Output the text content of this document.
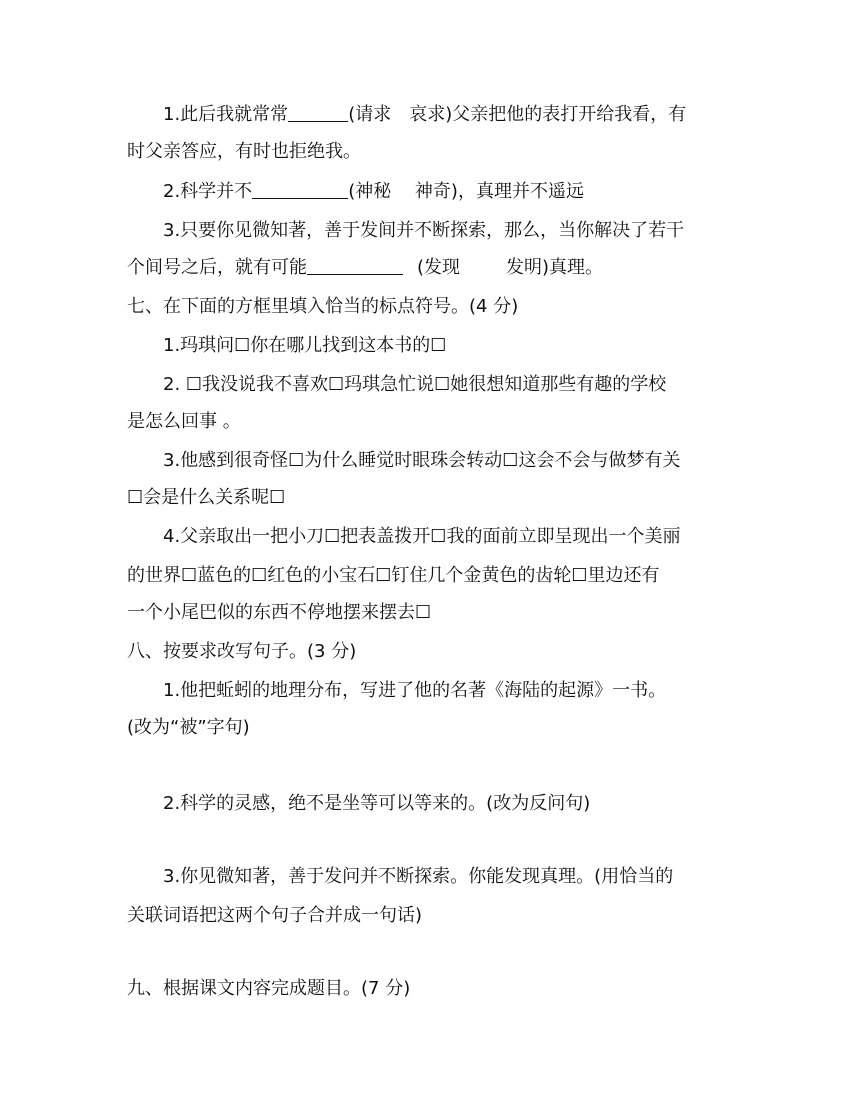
1.此后我就常常	(请求　哀求)父亲把他的表打开给我看，有
时父亲答应，有时也拒绝我。
2.科学并不	(神秘　 神奇)，真理并不遥远
3.只要你见微知著，善于发间并不断探索，那么，当你解决了若干
个间号之后，就有可能	(发现	发明)真理。
七、在下面的方框里填入恰当的标点符号。(4 分)
1.玛琪问☐你在哪儿找到这本书的☐
2. ☐我没说我不喜欢☐玛琪急忙说☐她很想知道那些有趣的学校
是怎么回事 。
3.他感到很奇怪☐为什么睡觉时眼珠会转动☐这会不会与做梦有关
☐会是什么关系呢☐
4.父亲取出一把小刀☐把表盖拨开☐我的面前立即呈现出一个美丽
的世界☐蓝色的☐红色的小宝石☐钉住几个金黄色的齿轮☐里边还有
一个小尾巴似的东西不停地摆来摆去☐
八、按要求改写句子。(3 分)
1.他把蚯蚓的地理分布，写进了他的名著《海陆的起源》一书。
(改为“被”字句)
2.科学的灵感，绝不是坐等可以等来的。(改为反问句)
3.你见微知著，善于发问并不断探索。你能发现真理。(用恰当的
关联词语把这两个句子合并成一句话)
九、根据课文内容完成题目。(7 分)
